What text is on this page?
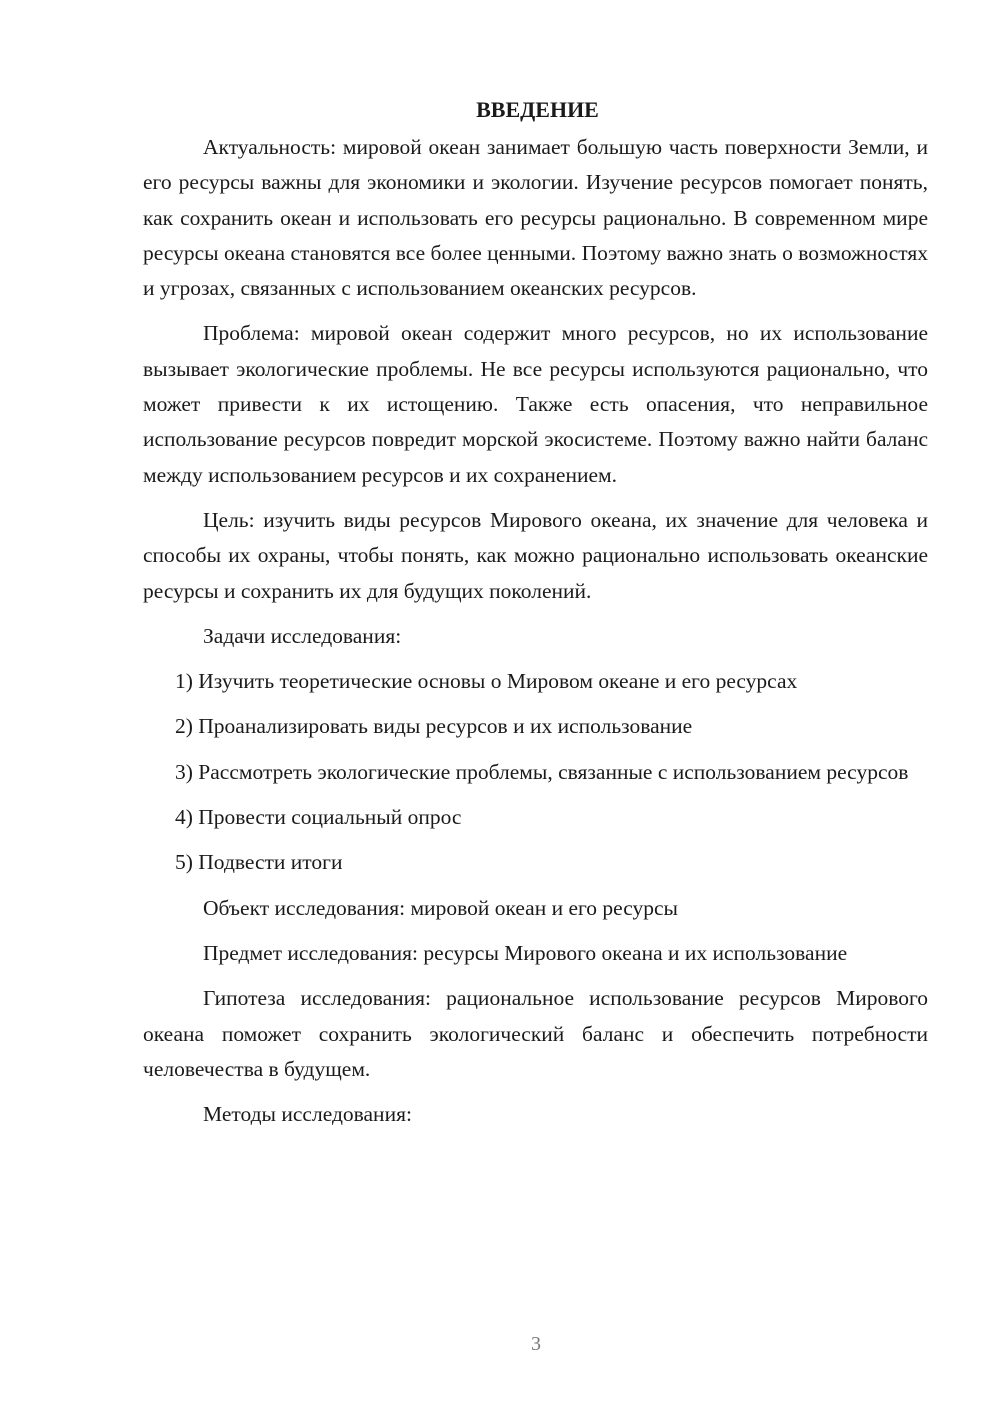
ВВЕДЕНИЕ

Актуальность: мировой океан занимает большую часть поверхности Земли, и его ресурсы важны для экономики и экологии. Изучение ресурсов помогает понять, как сохранить океан и использовать его ресурсы рационально. В современном мире ресурсы океана становятся все более ценными. Поэтому важно знать о возможностях и угрозах, связанных с использованием океанских ресурсов.

Проблема: мировой океан содержит много ресурсов, но их использование вызывает экологические проблемы. Не все ресурсы используются рационально, что может привести к их истощению. Также есть опасения, что неправильное использование ресурсов повредит морской экосистеме. Поэтому важно найти баланс между использованием ресурсов и их сохранением.

Цель: изучить виды ресурсов Мирового океана, их значение для человека и способы их охраны, чтобы понять, как можно рационально использовать океанские ресурсы и сохранить их для будущих поколений.

Задачи исследования:

1) Изучить теоретические основы о Мировом океане и его ресурсах

2) Проанализировать виды ресурсов и их использование

3) Рассмотреть экологические проблемы, связанные с использованием ресурсов

4) Провести социальный опрос

5) Подвести итоги

Объект исследования: мировой океан и его ресурсы

Предмет исследования: ресурсы Мирового океана и их использование

Гипотеза исследования: рациональное использование ресурсов Мирового океана поможет сохранить экологический баланс и обеспечить потребности человечества в будущем.

Методы исследования:

3
